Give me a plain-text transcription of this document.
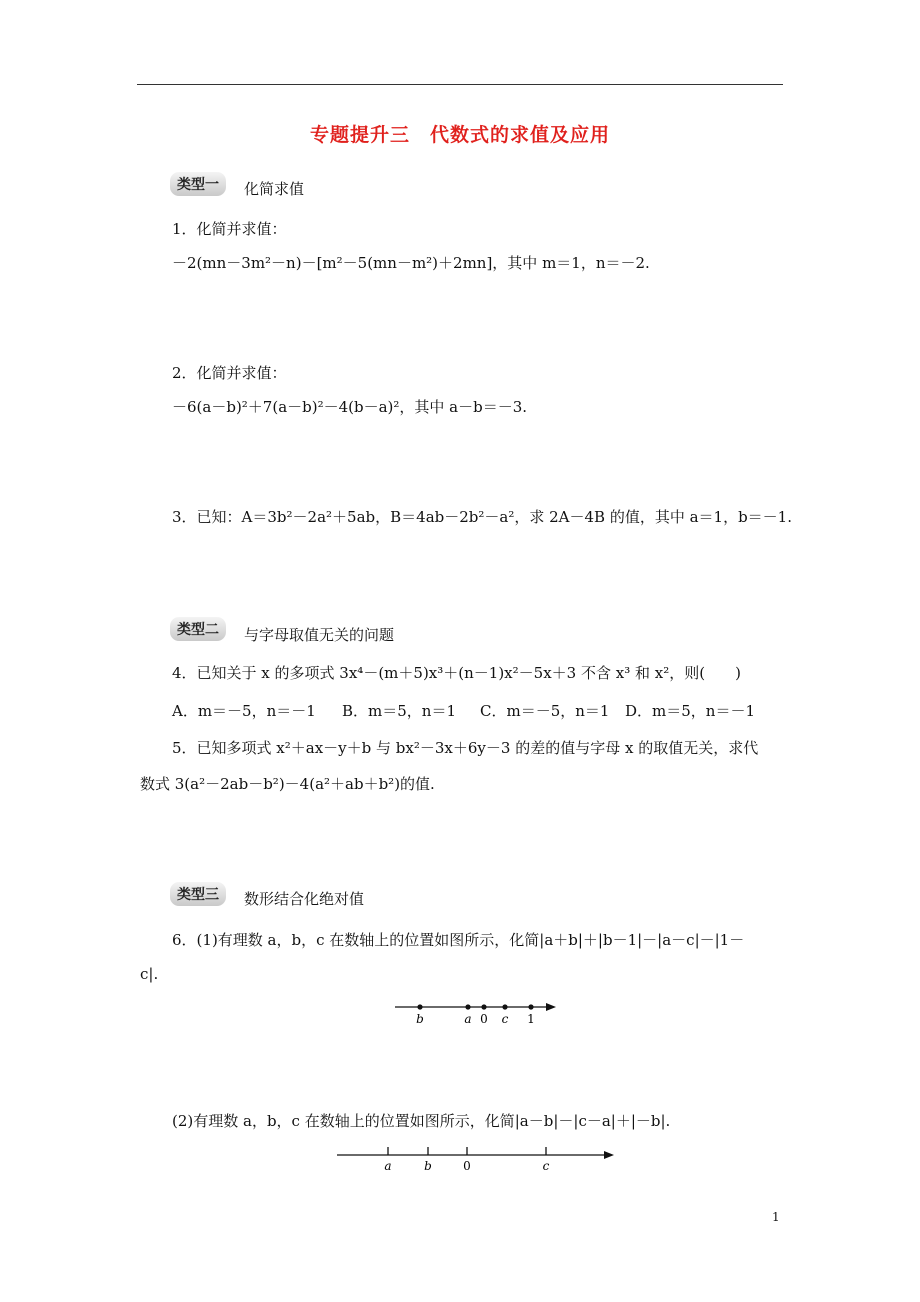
专题提升三　代数式的求值及应用
类型一	化简求值
1．化简并求值：
－2(mn－3m²－n)－[m²－5(mn－m²)＋2mn]，其中 m＝1，n＝－2.
2．化简并求值：
－6(a－b)²＋7(a－b)²－4(b－a)²，其中 a－b＝－3.
3．已知：A＝3b²－2a²＋5ab，B＝4ab－2b²－a²，求 2A－4B 的值，其中 a＝1，b＝－1.
类型二	与字母取值无关的问题
4．已知关于 x 的多项式 3x⁴－(m＋5)x³＋(n－1)x²－5x＋3 不含 x³ 和 x²，则(　　)
A．m＝－5，n＝－1 B．m＝5，n＝1 C．m＝－5，n＝1 D．m＝5，n＝－1
5．已知多项式 x²＋ax－y＋b 与 bx²－3x＋6y－3 的差的值与字母 x 的取值无关，求代
数式 3(a²－2ab－b²)－4(a²＋ab＋b²)的值.
类型三	数形结合化绝对值
6．(1)有理数 a，b，c 在数轴上的位置如图所示，化简|a＋b|＋|b－1|－|a－c|－|1－
c|.
b	a 0 c 1
(2)有理数 a，b，c 在数轴上的位置如图所示，化简|a－b|－|c－a|＋|－b|.
a	b	0	c
1
